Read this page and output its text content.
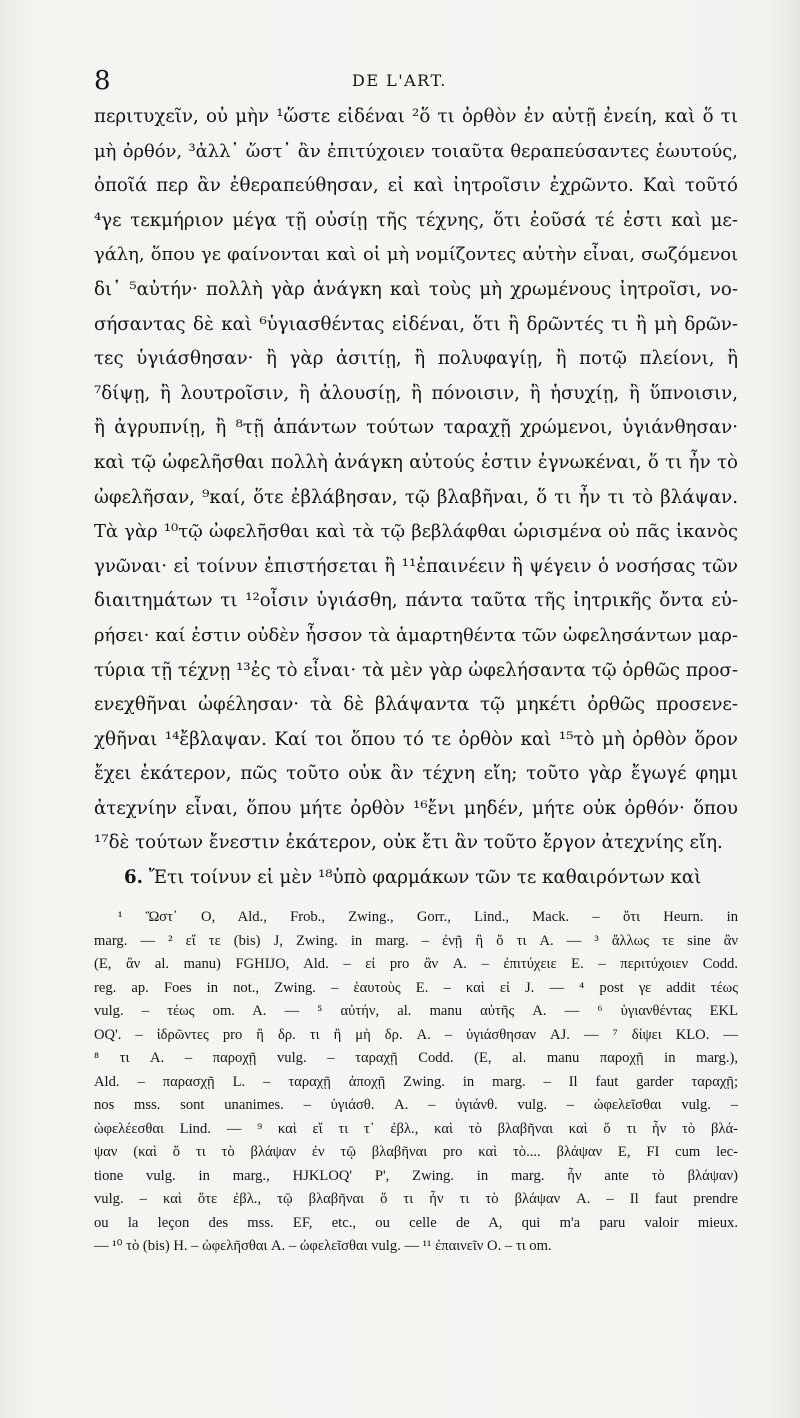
8	DE L'ART.
περιτυχεῖν, οὐ μὴν ¹ὥστε εἰδέναι ²ὅ τι ὀρθὸν ἐν αὐτῇ ἐνείη, καὶ ὅ τι
μὴ ὀρθόν, ³ἀλλ᾽ ὥστ᾽ ἂν ἐπιτύχοιεν τοιαῦτα θεραπεύσαντες ἑωυτούς,
ὁποῖά περ ἂν ἐθεραπεύθησαν, εἰ καὶ ἰητροῖσιν ἐχρῶντο. Καὶ τοῦτό
⁴γε τεκμήριον μέγα τῇ οὐσίῃ τῆς τέχνης, ὅτι ἐοῦσά τέ ἐστι καὶ με-
γάλη, ὅπου γε φαίνονται καὶ οἱ μὴ νομίζοντες αὐτὴν εἶναι, σωζόμενοι
δι᾽ ⁵αὐτήν· πολλὴ γὰρ ἀνάγκη καὶ τοὺς μὴ χρωμένους ἰητροῖσι, νο-
σήσαντας δὲ καὶ ⁶ὑγιασθέντας εἰδέναι, ὅτι ἢ δρῶντές τι ἢ μὴ δρῶν-
τες ὑγιάσθησαν· ἢ γὰρ ἀσιτίῃ, ἢ πολυφαγίῃ, ἢ ποτῷ πλείονι, ἢ
⁷δίψῃ, ἢ λουτροῖσιν, ἢ ἀλουσίῃ, ἢ πόνοισιν, ἢ ἡσυχίῃ, ἢ ὕπνοισιν,
ἢ ἀγρυπνίῃ, ἢ ⁸τῇ ἁπάντων τούτων ταραχῇ χρώμενοι, ὑγιάνθησαν·
καὶ τῷ ὠφελῆσθαι πολλὴ ἀνάγκη αὐτούς ἐστιν ἐγνωκέναι, ὅ τι ἦν τὸ
ὠφελῆσαν, ⁹καί, ὅτε ἐβλάβησαν, τῷ βλαβῆναι, ὅ τι ἦν τι τὸ βλάψαν.
Τὰ γὰρ ¹⁰τῷ ὠφελῆσθαι καὶ τὰ τῷ βεβλάφθαι ὡρισμένα οὐ πᾶς ἱκανὸς
γνῶναι· εἰ τοίνυν ἐπιστήσεται ἢ ¹¹ἐπαινέειν ἢ ψέγειν ὁ νοσήσας τῶν
διαιτημάτων τι ¹²οἷσιν ὑγιάσθη, πάντα ταῦτα τῆς ἰητρικῆς ὄντα εὑ-
ρήσει· καί ἐστιν οὐδὲν ἧσσον τὰ ἁμαρτηθέντα τῶν ὠφελησάντων μαρ-
τύρια τῇ τέχνῃ ¹³ἐς τὸ εἶναι· τὰ μὲν γὰρ ὠφελήσαντα τῷ ὀρθῶς προσ-
ενεχθῆναι ὠφέλησαν· τὰ δὲ βλάψαντα τῷ μηκέτι ὀρθῶς προσενε-
χθῆναι ¹⁴ἔβλαψαν. Καί τοι ὅπου τό τε ὀρθὸν καὶ ¹⁵τὸ μὴ ὀρθὸν ὅρον
ἔχει ἑκάτερον, πῶς τοῦτο οὐκ ἂν τέχνη εἴη; τοῦτο γὰρ ἔγωγέ φημι
ἀτεχνίην εἶναι, ὅπου μήτε ὀρθὸν ¹⁶ἔνι μηδέν, μήτε οὐκ ὀρθόν· ὅπου
¹⁷δὲ τούτων ἔνεστιν ἑκάτερον, οὐκ ἔτι ἂν τοῦτο ἔργον ἀτεχνίης εἴη.
6. Ἔτι τοίνυν εἰ μὲν ¹⁸ὑπὸ φαρμάκων τῶν τε καθαιρόντων καὶ
¹ Ὥστ᾽ O, Ald., Frob., Zwing., Gorr., Lind., Mack. – ὅτι Heurn. in
marg. — ² εἴ τε (bis) J, Zwing. in marg. – ἐνῇ ἢ ὅ τι A. — ³ ἄλλως τε sine ἂν
(E, ἂν al. manu) FGHIJO, Ald. – εἰ pro ἂν A. – ἐπιτύχειε E. – περιτύχοιεν Codd.
reg. ap. Foes in not., Zwing. – ἑαυτοὺς E. – καὶ εἰ J. — ⁴ post γε addit τέως
vulg. – τέως om. A. — ⁵ αὐτήν, al. manu αὐτῆς A. — ⁶ ὑγιανθέντας EKL
OQ'. – ἱδρῶντες pro ἢ δρ. τι ἢ μὴ δρ. A. – ὑγιάσθησαν AJ. — ⁷ δίψει KLO. —
⁸ τι A. – παροχῇ vulg. – ταραχῇ Codd. (E, al. manu παροχῇ in marg.),
Ald. – παρασχῇ L. – ταραχῇ ἀποχῇ Zwing. in marg. – Il faut garder ταραχῇ;
nos mss. sont unanimes. – ὑγιάσθ. A. – ὑγιάνθ. vulg. – ὠφελεῖσθαι vulg. –
ὠφελέεσθαι Lind. — ⁹ καὶ εἴ τι τ᾽ ἐβλ., καὶ τὸ βλαβῆναι καὶ ὅ τι ἦν τὸ βλά-
ψαν (καὶ ὅ τι τὸ βλάψαν ἐν τῷ βλαβῆναι pro καὶ τὸ.... βλάψαν E, FI cum lec-
tione vulg. in marg., HJKLOQ' P', Zwing. in marg. ἦν ante τὸ βλάψαν)
vulg. – καὶ ὅτε ἐβλ., τῷ βλαβῆναι ὅ τι ἦν τι τὸ βλάψαν A. – Il faut prendre
ou la leçon des mss. EF, etc., ou celle de A, qui m'a paru valoir mieux.
— ¹⁰ τὸ (bis) H. – ὠφελῆσθαι A. – ὠφελεῖσθαι vulg. — ¹¹ ἐπαινεῖν O. – τι om.
